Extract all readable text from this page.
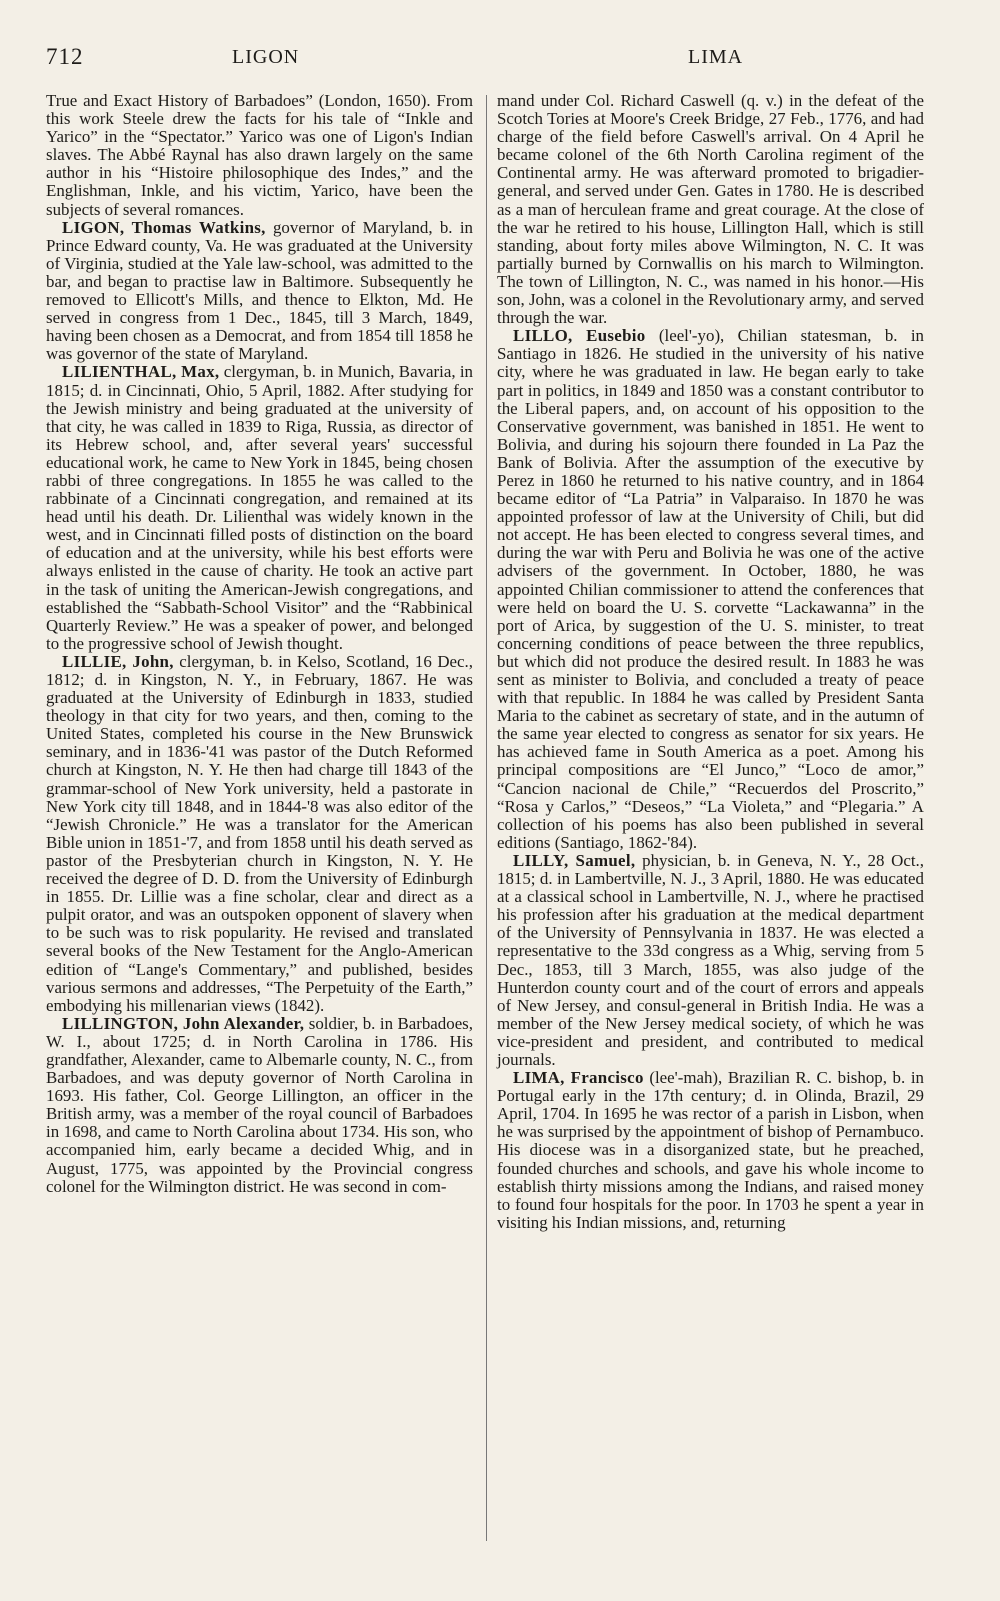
712	LIGON	LIMA

True and Exact History of Barbadoes” (London, 1650). From this work Steele drew the facts for his tale of “Inkle and Yarico” in the “Spectator.” Yarico was one of Ligon's Indian slaves. The Abbé Raynal has also drawn largely on the same author in his “Histoire philosophique des Indes,” and the Englishman, Inkle, and his victim, Yarico, have been the subjects of several romances.

LIGON, Thomas Watkins, governor of Maryland, b. in Prince Edward county, Va. He was graduated at the University of Virginia, studied at the Yale law-school, was admitted to the bar, and began to practise law in Baltimore. Subsequently he removed to Ellicott's Mills, and thence to Elkton, Md. He served in congress from 1 Dec., 1845, till 3 March, 1849, having been chosen as a Democrat, and from 1854 till 1858 he was governor of the state of Maryland.

LILIENTHAL, Max, clergyman, b. in Munich, Bavaria, in 1815; d. in Cincinnati, Ohio, 5 April, 1882. After studying for the Jewish ministry and being graduated at the university of that city, he was called in 1839 to Riga, Russia, as director of its Hebrew school, and, after several years' successful educational work, he came to New York in 1845, being chosen rabbi of three congregations. In 1855 he was called to the rabbinate of a Cincinnati congregation, and remained at its head until his death. Dr. Lilienthal was widely known in the west, and in Cincinnati filled posts of distinction on the board of education and at the university, while his best efforts were always enlisted in the cause of charity. He took an active part in the task of uniting the American-Jewish congregations, and established the “Sabbath-School Visitor” and the “Rabbinical Quarterly Review.” He was a speaker of power, and belonged to the progressive school of Jewish thought.

LILLIE, John, clergyman, b. in Kelso, Scotland, 16 Dec., 1812; d. in Kingston, N. Y., in February, 1867. He was graduated at the University of Edinburgh in 1833, studied theology in that city for two years, and then, coming to the United States, completed his course in the New Brunswick seminary, and in 1836-'41 was pastor of the Dutch Reformed church at Kingston, N. Y. He then had charge till 1843 of the grammar-school of New York university, held a pastorate in New York city till 1848, and in 1844-'8 was also editor of the “Jewish Chronicle.” He was a translator for the American Bible union in 1851-'7, and from 1858 until his death served as pastor of the Presbyterian church in Kingston, N. Y. He received the degree of D. D. from the University of Edinburgh in 1855. Dr. Lillie was a fine scholar, clear and direct as a pulpit orator, and was an outspoken opponent of slavery when to be such was to risk popularity. He revised and translated several books of the New Testament for the Anglo-American edition of “Lange's Commentary,” and published, besides various sermons and addresses, “The Perpetuity of the Earth,” embodying his millenarian views (1842).

LILLINGTON, John Alexander, soldier, b. in Barbadoes, W. I., about 1725; d. in North Carolina in 1786. His grandfather, Alexander, came to Albemarle county, N. C., from Barbadoes, and was deputy governor of North Carolina in 1693. His father, Col. George Lillington, an officer in the British army, was a member of the royal council of Barbadoes in 1698, and came to North Carolina about 1734. His son, who accompanied him, early became a decided Whig, and in August, 1775, was appointed by the Provincial congress colonel for the Wilmington district. He was second in com-

mand under Col. Richard Caswell (q. v.) in the defeat of the Scotch Tories at Moore's Creek Bridge, 27 Feb., 1776, and had charge of the field before Caswell's arrival. On 4 April he became colonel of the 6th North Carolina regiment of the Continental army. He was afterward promoted to brigadier-general, and served under Gen. Gates in 1780. He is described as a man of herculean frame and great courage. At the close of the war he retired to his house, Lillington Hall, which is still standing, about forty miles above Wilmington, N. C. It was partially burned by Cornwallis on his march to Wilmington. The town of Lillington, N. C., was named in his honor.—His son, John, was a colonel in the Revolutionary army, and served through the war.

LILLO, Eusebio (leel'-yo), Chilian statesman, b. in Santiago in 1826. He studied in the university of his native city, where he was graduated in law. He began early to take part in politics, in 1849 and 1850 was a constant contributor to the Liberal papers, and, on account of his opposition to the Conservative government, was banished in 1851. He went to Bolivia, and during his sojourn there founded in La Paz the Bank of Bolivia. After the assumption of the executive by Perez in 1860 he returned to his native country, and in 1864 became editor of “La Patria” in Valparaiso. In 1870 he was appointed professor of law at the University of Chili, but did not accept. He has been elected to congress several times, and during the war with Peru and Bolivia he was one of the active advisers of the government. In October, 1880, he was appointed Chilian commissioner to attend the conferences that were held on board the U. S. corvette “Lackawanna” in the port of Arica, by suggestion of the U. S. minister, to treat concerning conditions of peace between the three republics, but which did not produce the desired result. In 1883 he was sent as minister to Bolivia, and concluded a treaty of peace with that republic. In 1884 he was called by President Santa Maria to the cabinet as secretary of state, and in the autumn of the same year elected to congress as senator for six years. He has achieved fame in South America as a poet. Among his principal compositions are “El Junco,” “Loco de amor,” “Cancion nacional de Chile,” “Recuerdos del Proscrito,” “Rosa y Carlos,” “Deseos,” “La Violeta,” and “Plegaria.” A collection of his poems has also been published in several editions (Santiago, 1862-'84).

LILLY, Samuel, physician, b. in Geneva, N. Y., 28 Oct., 1815; d. in Lambertville, N. J., 3 April, 1880. He was educated at a classical school in Lambertville, N. J., where he practised his profession after his graduation at the medical department of the University of Pennsylvania in 1837. He was elected a representative to the 33d congress as a Whig, serving from 5 Dec., 1853, till 3 March, 1855, was also judge of the Hunterdon county court and of the court of errors and appeals of New Jersey, and consul-general in British India. He was a member of the New Jersey medical society, of which he was vice-president and president, and contributed to medical journals.

LIMA, Francisco (lee'-mah), Brazilian R. C. bishop, b. in Portugal early in the 17th century; d. in Olinda, Brazil, 29 April, 1704. In 1695 he was rector of a parish in Lisbon, when he was surprised by the appointment of bishop of Pernambuco. His diocese was in a disorganized state, but he preached, founded churches and schools, and gave his whole income to establish thirty missions among the Indians, and raised money to found four hospitals for the poor. In 1703 he spent a year in visiting his Indian missions, and, returning
